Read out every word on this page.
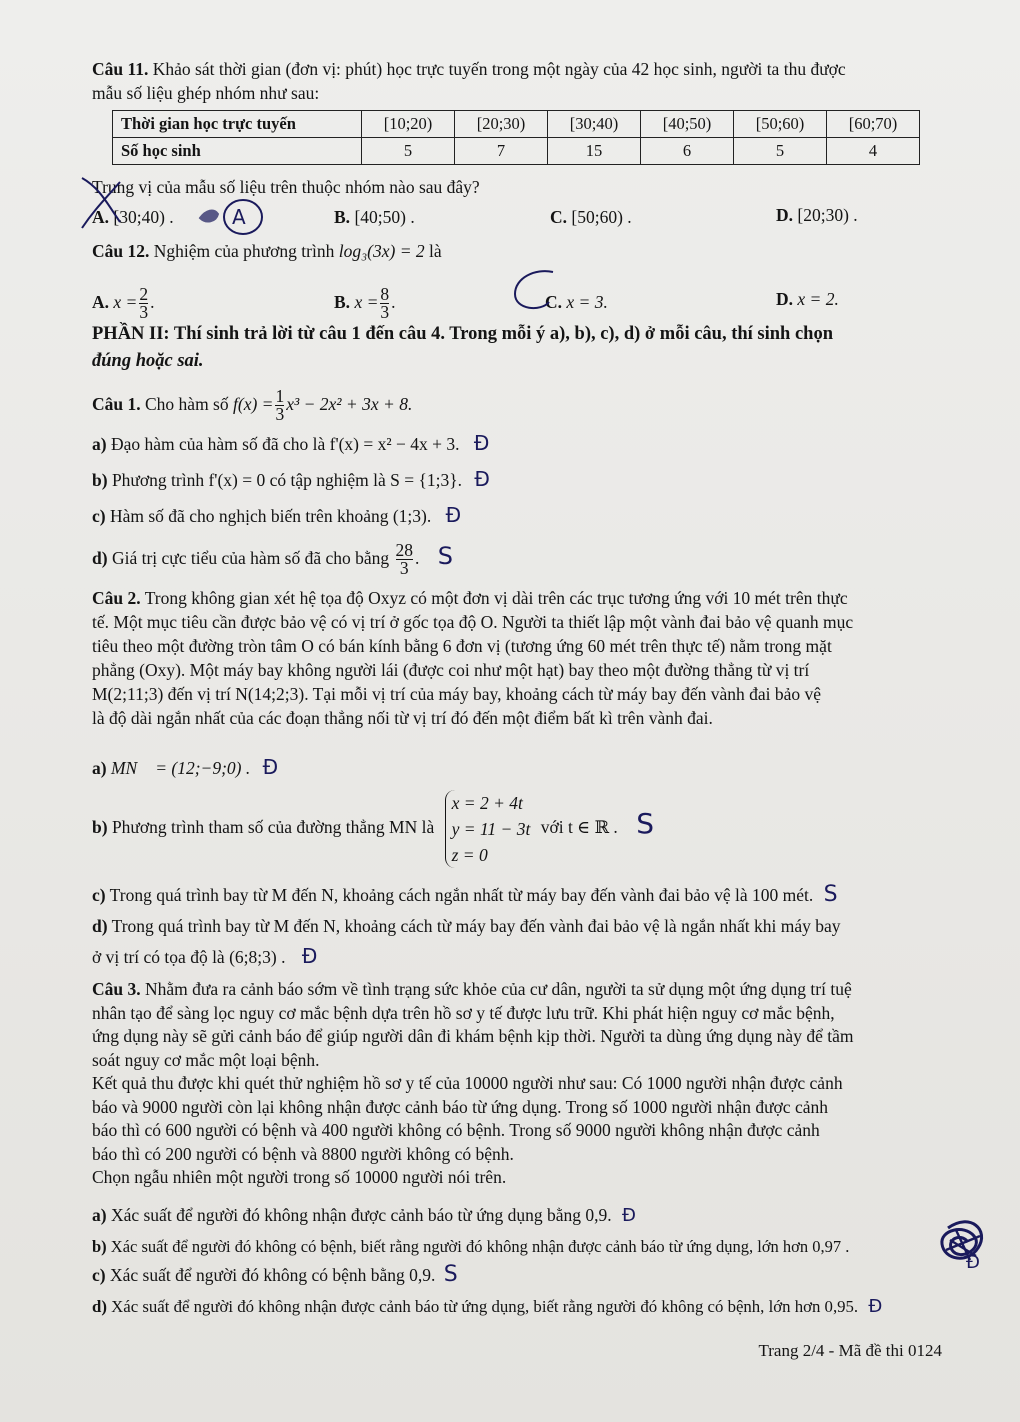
Câu 11. Khảo sát thời gian (đơn vị: phút) học trực tuyến trong một ngày của 42 học sinh, người ta thu được
mẫu số liệu ghép nhóm như sau:
Thời gian học trực tuyến	[10;20)	[20;30)	[30;40)	[40;50)	[50;60)	[60;70)
Số học sinh	5	7	15	6	5	4
Trung vị của mẫu số liệu trên thuộc nhóm nào sau đây?
A. [30;40) .	B. [40;50) .	C. [50;60) .	D. [20;30) .
A
Câu 12. Nghiệm của phương trình log₃(3x) = 2 là
A. $x = \frac{2}{3}$ .	B. $x = \frac{8}{3}$ .	C. x = 3.	D. x = 2.
PHẦN II: Thí sinh trả lời từ câu 1 đến câu 4. Trong mỗi ý a), b), c), d) ở mỗi câu, thí sinh chọn
đúng hoặc sai.
Câu 1. Cho hàm số $f(x) = \frac{1}{3} x^3 - 2x^2 + 3x + 8$.
a) Đạo hàm của hàm số đã cho là f'(x) = x² − 4x + 3. Đ
b) Phương trình f'(x) = 0 có tập nghiệm là S = {1;3}. Đ
c) Hàm số đã cho nghịch biến trên khoảng (1;3). Đ
d) Giá trị cực tiểu của hàm số đã cho bằng $\frac{28}{3}$ . S
Câu 2. Trong không gian xét hệ tọa độ Oxyz có một đơn vị dài trên các trục tương ứng với 10 mét trên thực
tế. Một mục tiêu cần được bảo vệ có vị trí ở gốc tọa độ O. Người ta thiết lập một vành đai bảo vệ quanh mục
tiêu theo một đường tròn tâm O có bán kính bằng 6 đơn vị (tương ứng 60 mét trên thực tế) nằm trong mặt
phẳng (Oxy). Một máy bay không người lái (được coi như một hạt) bay theo một đường thẳng từ vị trí
M(2;11;3) đến vị trí N(14;2;3). Tại mỗi vị trí của máy bay, khoảng cách từ máy bay đến vành đai bảo vệ
là độ dài ngắn nhất của các đoạn thẳng nối từ vị trí đó đến một điểm bất kì trên vành đai.
a) MN⃗ = (12;−9;0) . Đ
b) Phương trình tham số của đường thẳng MN là
x = 2 + 4t
y = 11 − 3t
z = 0
với t ∈ ℝ . S
c) Trong quá trình bay từ M đến N, khoảng cách ngắn nhất từ máy bay đến vành đai bảo vệ là 100 mét. S
d) Trong quá trình bay từ M đến N, khoảng cách từ máy bay đến vành đai bảo vệ là ngắn nhất khi máy bay
ở vị trí có tọa độ là (6;8;3) . Đ
Câu 3. Nhằm đưa ra cảnh báo sớm về tình trạng sức khỏe của cư dân, người ta sử dụng một ứng dụng trí tuệ
nhân tạo để sàng lọc nguy cơ mắc bệnh dựa trên hồ sơ y tế được lưu trữ. Khi phát hiện nguy cơ mắc bệnh,
ứng dụng này sẽ gửi cảnh báo để giúp người dân đi khám bệnh kịp thời. Người ta dùng ứng dụng này để tầm
soát nguy cơ mắc một loại bệnh.
Kết quả thu được khi quét thử nghiệm hồ sơ y tế của 10000 người như sau: Có 1000 người nhận được cảnh
báo và 9000 người còn lại không nhận được cảnh báo từ ứng dụng. Trong số 1000 người nhận được cảnh
báo thì có 600 người có bệnh và 400 người không có bệnh. Trong số 9000 người không nhận được cảnh
báo thì có 200 người có bệnh và 8800 người không có bệnh.
Chọn ngẫu nhiên một người trong số 10000 người nói trên.
a) Xác suất để người đó không nhận được cảnh báo từ ứng dụng bằng 0,9. Đ
b) Xác suất để người đó không có bệnh, biết rằng người đó không nhận được cảnh báo từ ứng dụng, lớn hơn 0,97 .
c) Xác suất để người đó không có bệnh bằng 0,9. S
d) Xác suất để người đó không nhận được cảnh báo từ ứng dụng, biết rằng người đó không có bệnh, lớn hơn 0,95. Đ
Đ
Trang 2/4 - Mã đề thi 0124
